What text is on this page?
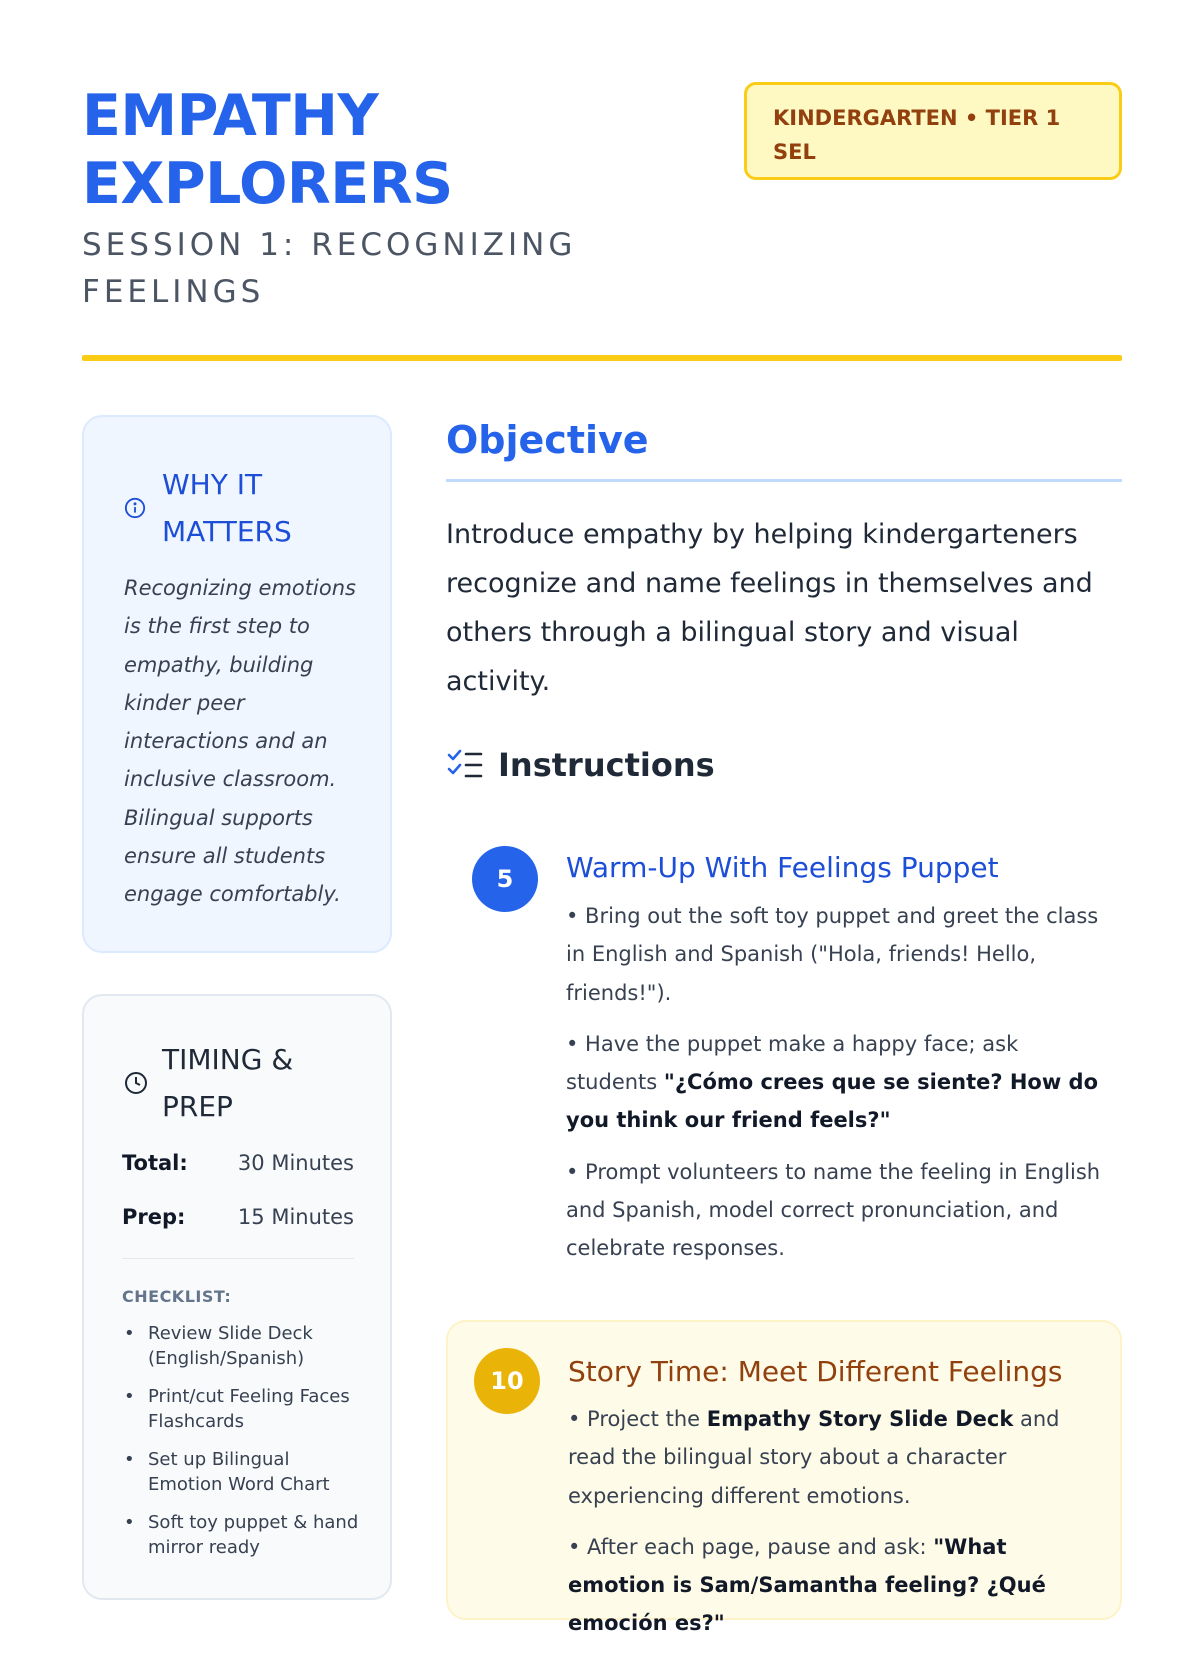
EMPATHY
EXPLORERS
SESSION 1: RECOGNIZING FEELINGS
KINDERGARTEN • TIER 1 SEL
WHY IT MATTERS
Recognizing emotions is the first step to empathy, building kinder peer interactions and an inclusive classroom. Bilingual supports ensure all students engage comfortably.
TIMING & PREP
Total: 30 Minutes
Prep:	15 Minutes
CHECKLIST:
• Review Slide Deck (English/Spanish)
• Print/cut Feeling Faces Flashcards
• Set up Bilingual Emotion Word Chart
• Soft toy puppet & hand mirror ready
Objective
Introduce empathy by helping kindergarteners recognize and name feelings in themselves and others through a bilingual story and visual activity.
Instructions
5	Warm-Up With Feelings Puppet

• Bring out the soft toy puppet and greet the class in English and Spanish ("Hola, friends! Hello, friends!").

• Have the puppet make a happy face; ask students "¿Cómo crees que se siente? How do you think our friend feels?"

• Prompt volunteers to name the feeling in English and Spanish, model correct pronunciation, and celebrate responses.

10	Story Time: Meet Different Feelings

• Project the Empathy Story Slide Deck and read the bilingual story about a character experiencing different emotions.

• After each page, pause and ask: "What emotion is Sam/Samantha feeling? ¿Qué emoción es?"
